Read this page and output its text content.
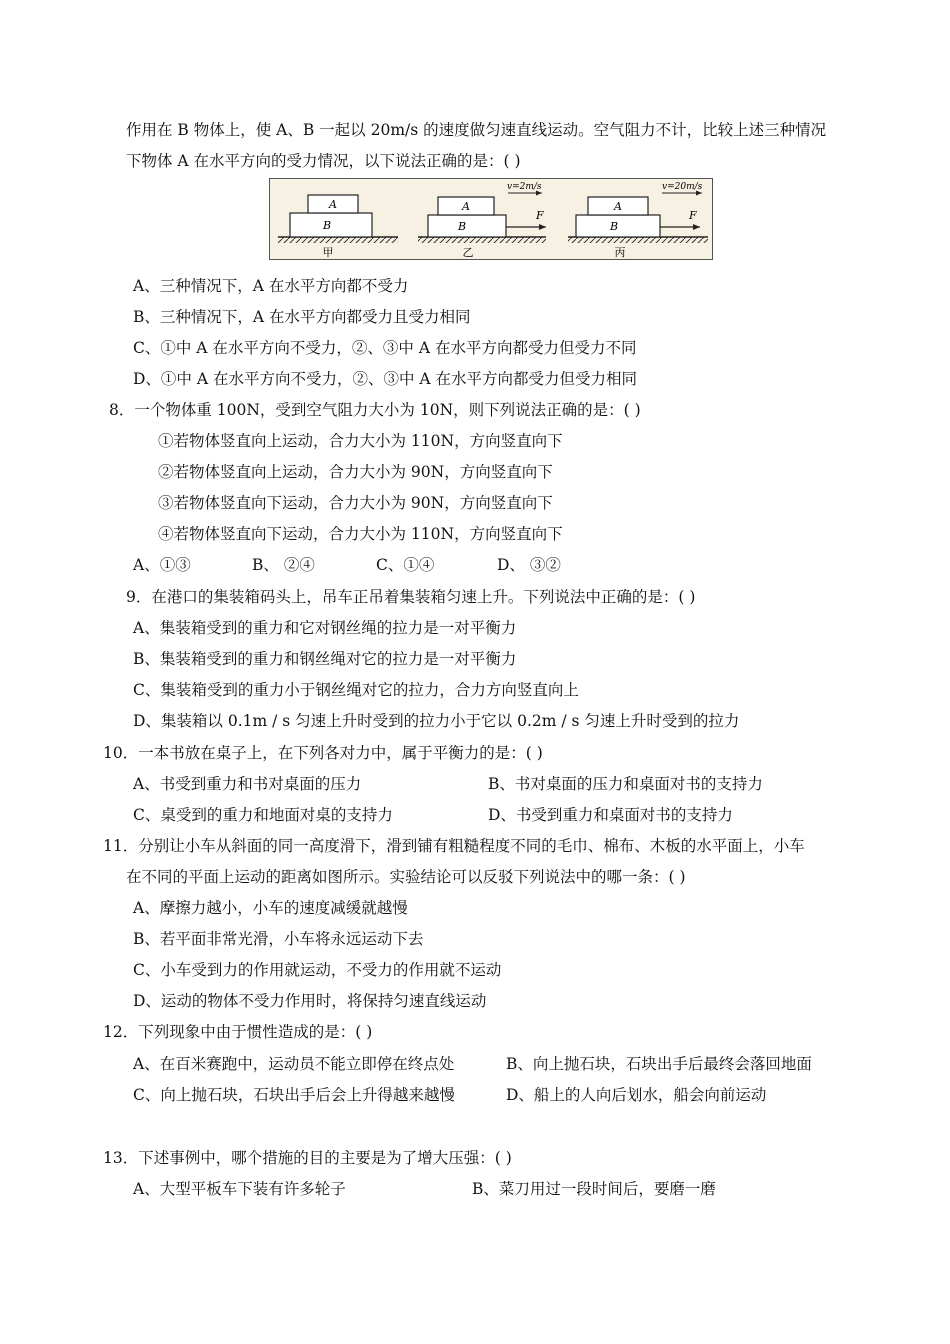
作用在 B 物体上，使 A、B 一起以 20m/s 的速度做匀速直线运动。空气阻力不计，比较上述三种情况
下物体 A 在水平方向的受力情况，以下说法正确的是：( )
A
B
甲
A
B
F
v=2m/s
乙
A
B
F
v=20m/s
丙
A、三种情况下，A 在水平方向都不受力
B、三种情况下，A 在水平方向都受力且受力相同
C、①中 A 在水平方向不受力，②、③中 A 在水平方向都受力但受力不同
D、①中 A 在水平方向不受力，②、③中 A 在水平方向都受力但受力相同
8．一个物体重 100N，受到空气阻力大小为 10N，则下列说法正确的是：( )
①若物体竖直向上运动，合力大小为 110N，方向竖直向下
②若物体竖直向上运动，合力大小为 90N，方向竖直向下
③若物体竖直向下运动，合力大小为 90N，方向竖直向下
④若物体竖直向下运动，合力大小为 110N，方向竖直向下
A、①③	B、 ②④	C、①④	D、 ③②
9．在港口的集装箱码头上，吊车正吊着集装箱匀速上升。下列说法中正确的是：( )
A、集装箱受到的重力和它对钢丝绳的拉力是一对平衡力
B、集装箱受到的重力和钢丝绳对它的拉力是一对平衡力
C、集装箱受到的重力小于钢丝绳对它的拉力，合力方向竖直向上
D、集装箱以 0.1m / s 匀速上升时受到的拉力小于它以 0.2m / s 匀速上升时受到的拉力
10．一本书放在桌子上，在下列各对力中，属于平衡力的是：( )
A、书受到重力和书对桌面的压力	B、书对桌面的压力和桌面对书的支持力
C、桌受到的重力和地面对桌的支持力	D、书受到重力和桌面对书的支持力
11．分别让小车从斜面的同一高度滑下，滑到铺有粗糙程度不同的毛巾、棉布、木板的水平面上，小车
在不同的平面上运动的距离如图所示。实验结论可以反驳下列说法中的哪一条：( )
A、摩擦力越小，小车的速度减缓就越慢
B、若平面非常光滑，小车将永远运动下去
C、小车受到力的作用就运动，不受力的作用就不运动
D、运动的物体不受力作用时，将保持匀速直线运动
12．下列现象中由于惯性造成的是：( )
A、在百米赛跑中，运动员不能立即停在终点处	B、向上抛石块，石块出手后最终会落回地面
C、向上抛石块，石块出手后会上升得越来越慢	D、船上的人向后划水，船会向前运动
13．下述事例中，哪个措施的目的主要是为了增大压强：( )
A、大型平板车下装有许多轮子	B、菜刀用过一段时间后，要磨一磨
